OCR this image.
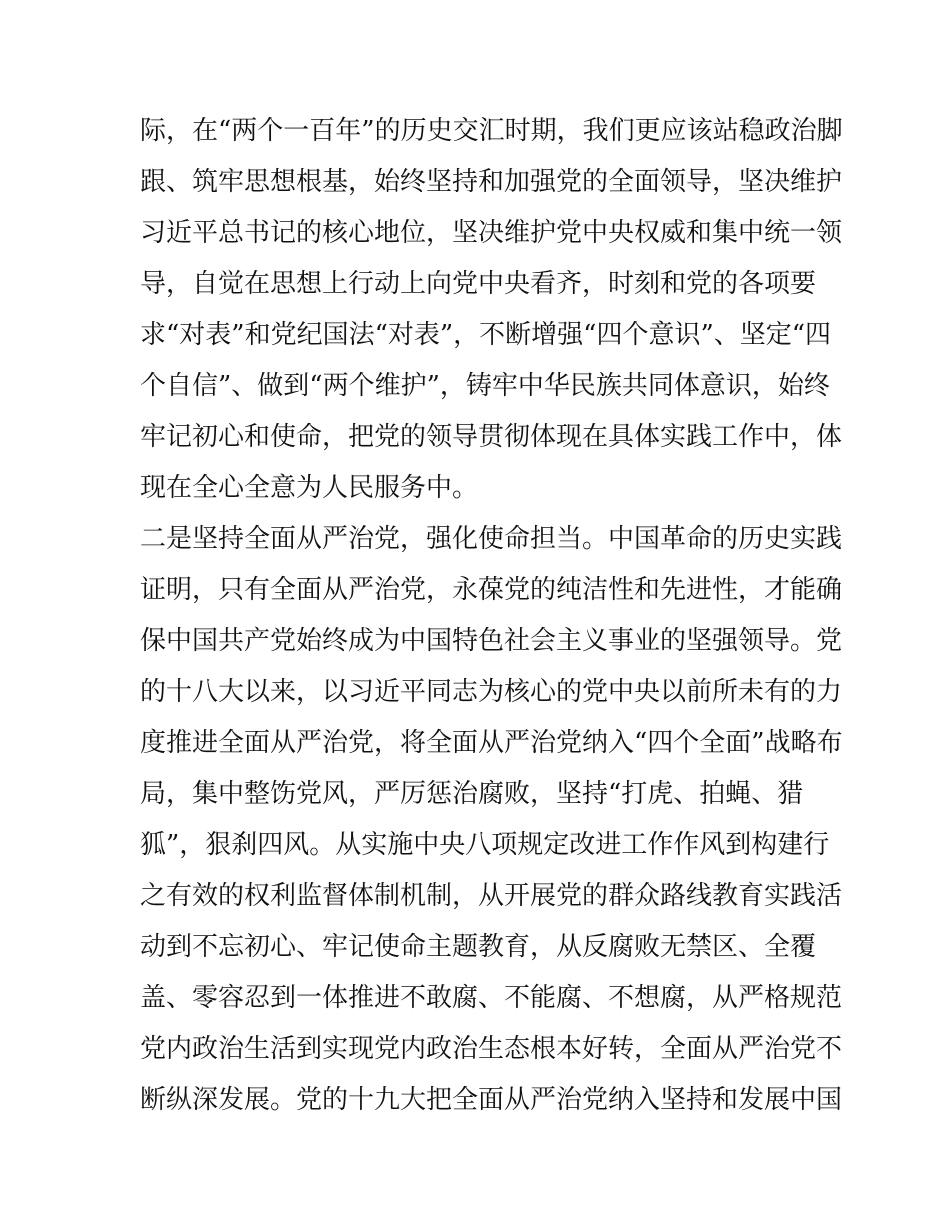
际，在“两个一百年”的历史交汇时期，我们更应该站稳政治脚
跟、筑牢思想根基，始终坚持和加强党的全面领导，坚决维护
习近平总书记的核心地位，坚决维护党中央权威和集中统一领
导，自觉在思想上行动上向党中央看齐，时刻和党的各项要
求“对表”和党纪国法“对表”，不断增强“四个意识”、坚定“四
个自信”、做到“两个维护”，铸牢中华民族共同体意识，始终
牢记初心和使命，把党的领导贯彻体现在具体实践工作中，体
现在全心全意为人民服务中。
二是坚持全面从严治党，强化使命担当。中国革命的历史实践
证明，只有全面从严治党，永葆党的纯洁性和先进性，才能确
保中国共产党始终成为中国特色社会主义事业的坚强领导。党
的十八大以来，以习近平同志为核心的党中央以前所未有的力
度推进全面从严治党，将全面从严治党纳入“四个全面”战略布
局，集中整饬党风，严厉惩治腐败，坚持“打虎、拍蝇、猎
狐”，狠刹四风。从实施中央八项规定改进工作作风到构建行
之有效的权利监督体制机制，从开展党的群众路线教育实践活
动到不忘初心、牢记使命主题教育，从反腐败无禁区、全覆
盖、零容忍到一体推进不敢腐、不能腐、不想腐，从严格规范
党内政治生活到实现党内政治生态根本好转，全面从严治党不
断纵深发展。党的十九大把全面从严治党纳入坚持和发展中国
